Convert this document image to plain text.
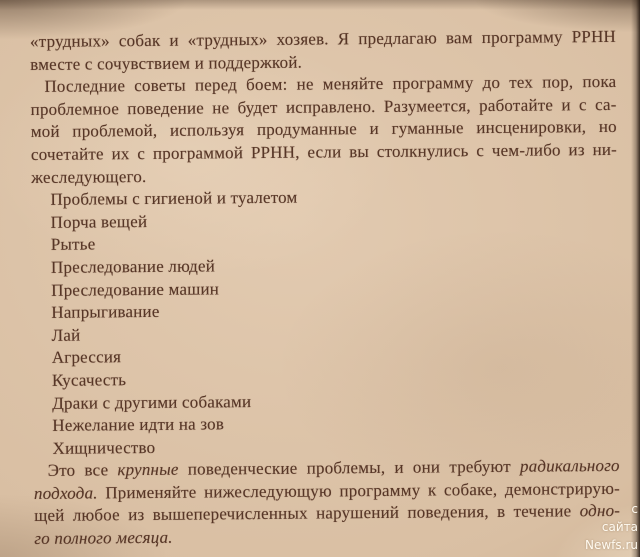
«трудных» собак и «трудных» хозяев. Я предлагаю вам программу РРНН
вместе с сочувствием и поддержкой.
Последние советы перед боем: не меняйте программу до тех пор, пока
проблемное поведение не будет исправлено. Разумеется, работайте и с са-
мой проблемой, используя продуманные и гуманные инсценировки, но
сочетайте их с программой РРНН, если вы столкнулись с чем-либо из ни-
жеследующего.
Проблемы с гигиеной и туалетом
Порча вещей
Рытье
Преследование людей
Преследование машин
Напрыгивание
Лай
Агрессия
Кусачесть
Драки с другими собаками
Нежелание идти на зов
Хищничество
Это все крупные поведенческие проблемы, и они требуют радикального
подхода. Применяйте нижеследующую программу к собаке, демонстрирую-
щей любое из вышеперечисленных нарушений поведения, в течение одно-
го полного месяца.
с
сайта
Newfs.ru
